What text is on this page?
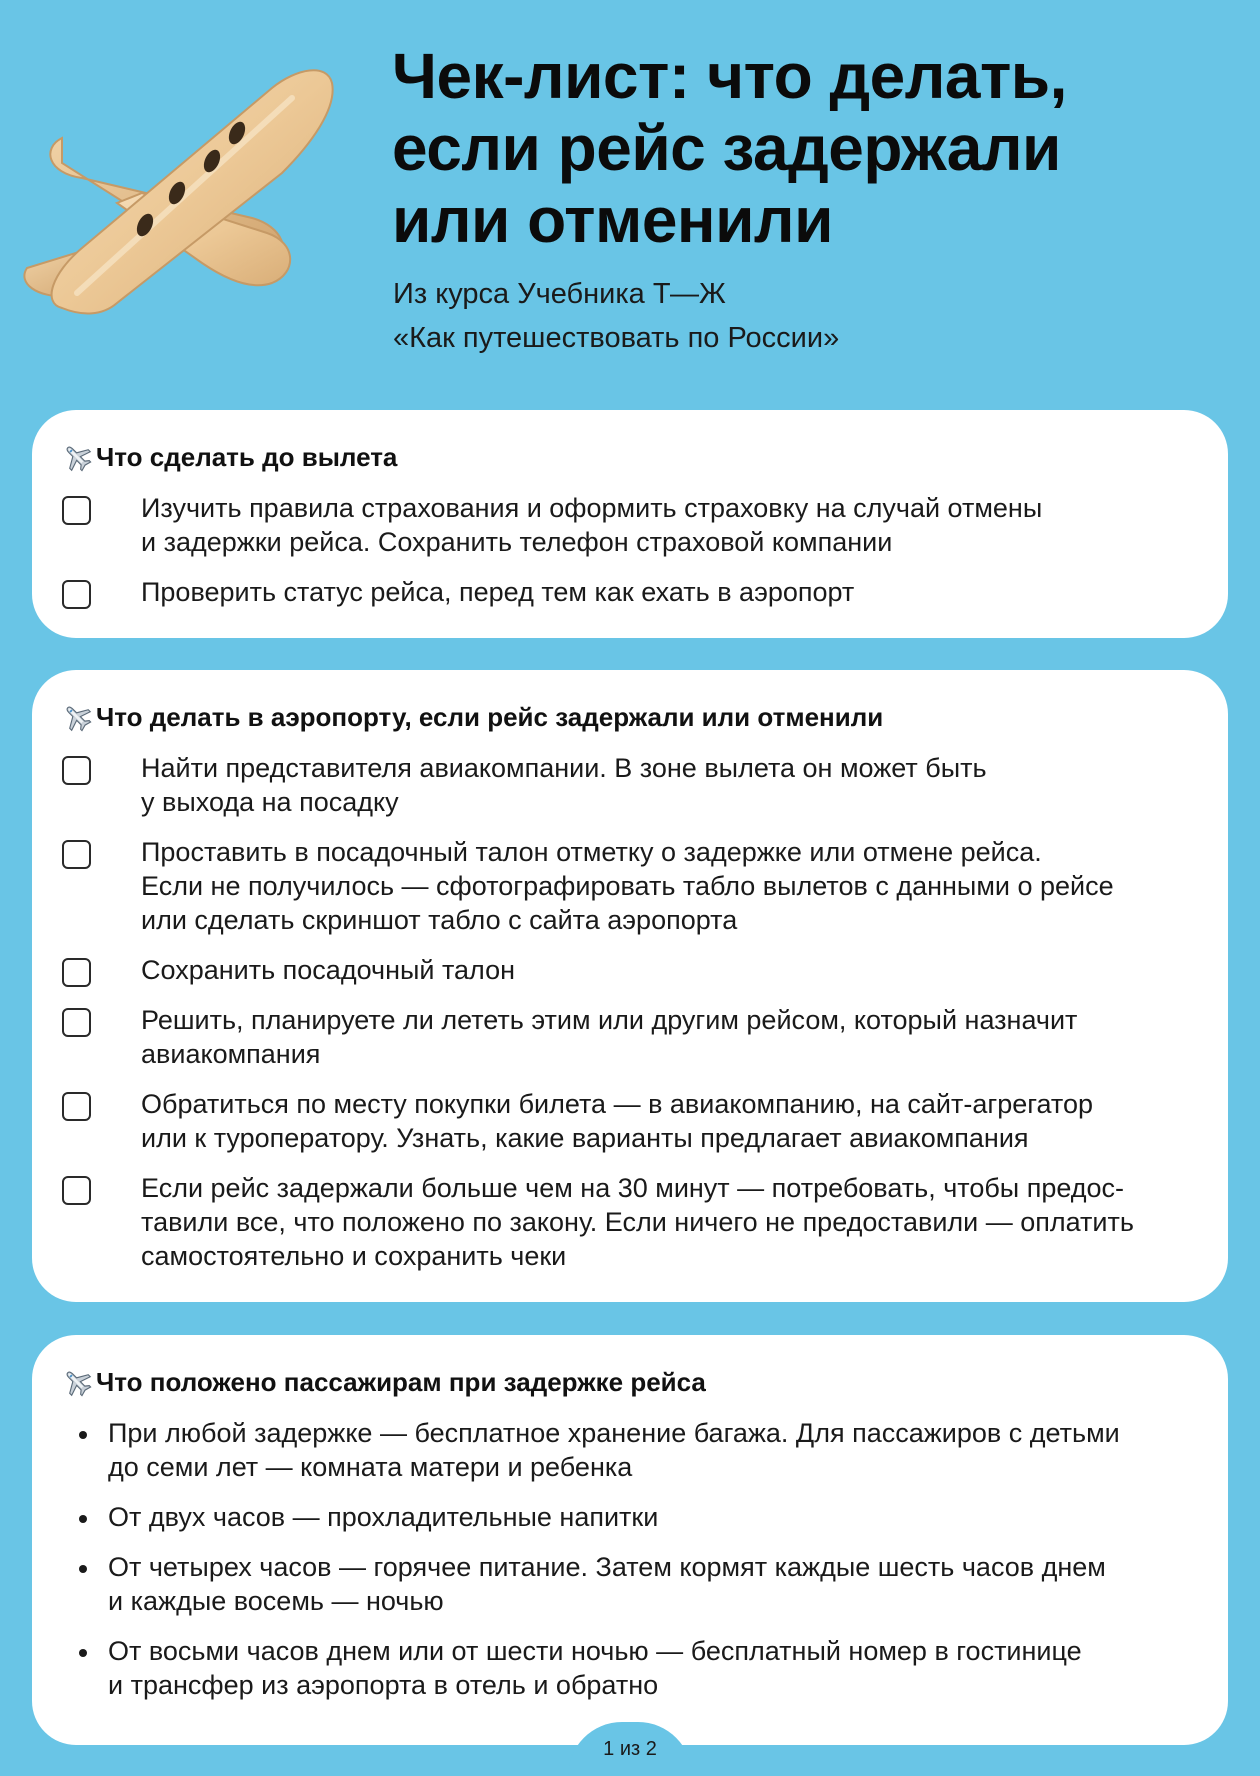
Чек-лист: что делать,
если рейс задержали
или отменили
Из курса Учебника Т—Ж
«Как путешествовать по России»
Что сделать до вылета
Изучить правила страхования и оформить страховку на случай отмены
и задержки рейса. Сохранить телефон страховой компании
Проверить статус рейса, перед тем как ехать в аэропорт
Что делать в аэропорту, если рейс задержали или отменили
Найти представителя авиакомпании. В зоне вылета он может быть
у выхода на посадку
Проставить в посадочный талон отметку о задержке или отмене рейса.
Если не получилось — сфотографировать табло вылетов с данными о рейсе
или сделать скриншот табло с сайта аэропорта
Сохранить посадочный талон
Решить, планируете ли лететь этим или другим рейсом, который назначит
авиакомпания
Обратиться по месту покупки билета — в авиакомпанию, на сайт-агрегатор
или к туроператору. Узнать, какие варианты предлагает авиакомпания
Если рейс задержали больше чем на 30 минут — потребовать, чтобы предос-
тавили все, что положено по закону. Если ничего не предоставили — оплатить
самостоятельно и сохранить чеки
Что положено пассажирам при задержке рейса
При любой задержке — бесплатное хранение багажа. Для пассажиров с детьми
до семи лет — комната матери и ребенка
От двух часов — прохладительные напитки
От четырех часов — горячее питание. Затем кормят каждые шесть часов днем
и каждые восемь — ночью
От восьми часов днем или от шести ночью — бесплатный номер в гостинице
и трансфер из аэропорта в отель и обратно
1 из 2
